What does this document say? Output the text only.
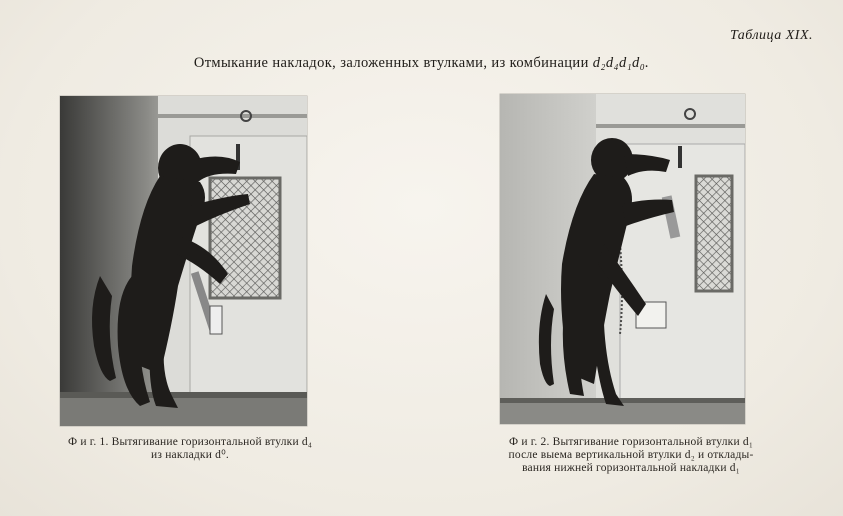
Таблица XIX.
Отмыкание накладок, заложенных втулками, из комбинации d₂d₄d₁d₀.
Ф и г. 1. Вытягивание горизонтальной втулки d₄
из накладки d⁰.
Ф и г. 2. Вытягивание горизонтальной втулки d₁
после выема вертикальной втулки d₂ и отклады-
вания нижней горизонтальной накладки d₁
